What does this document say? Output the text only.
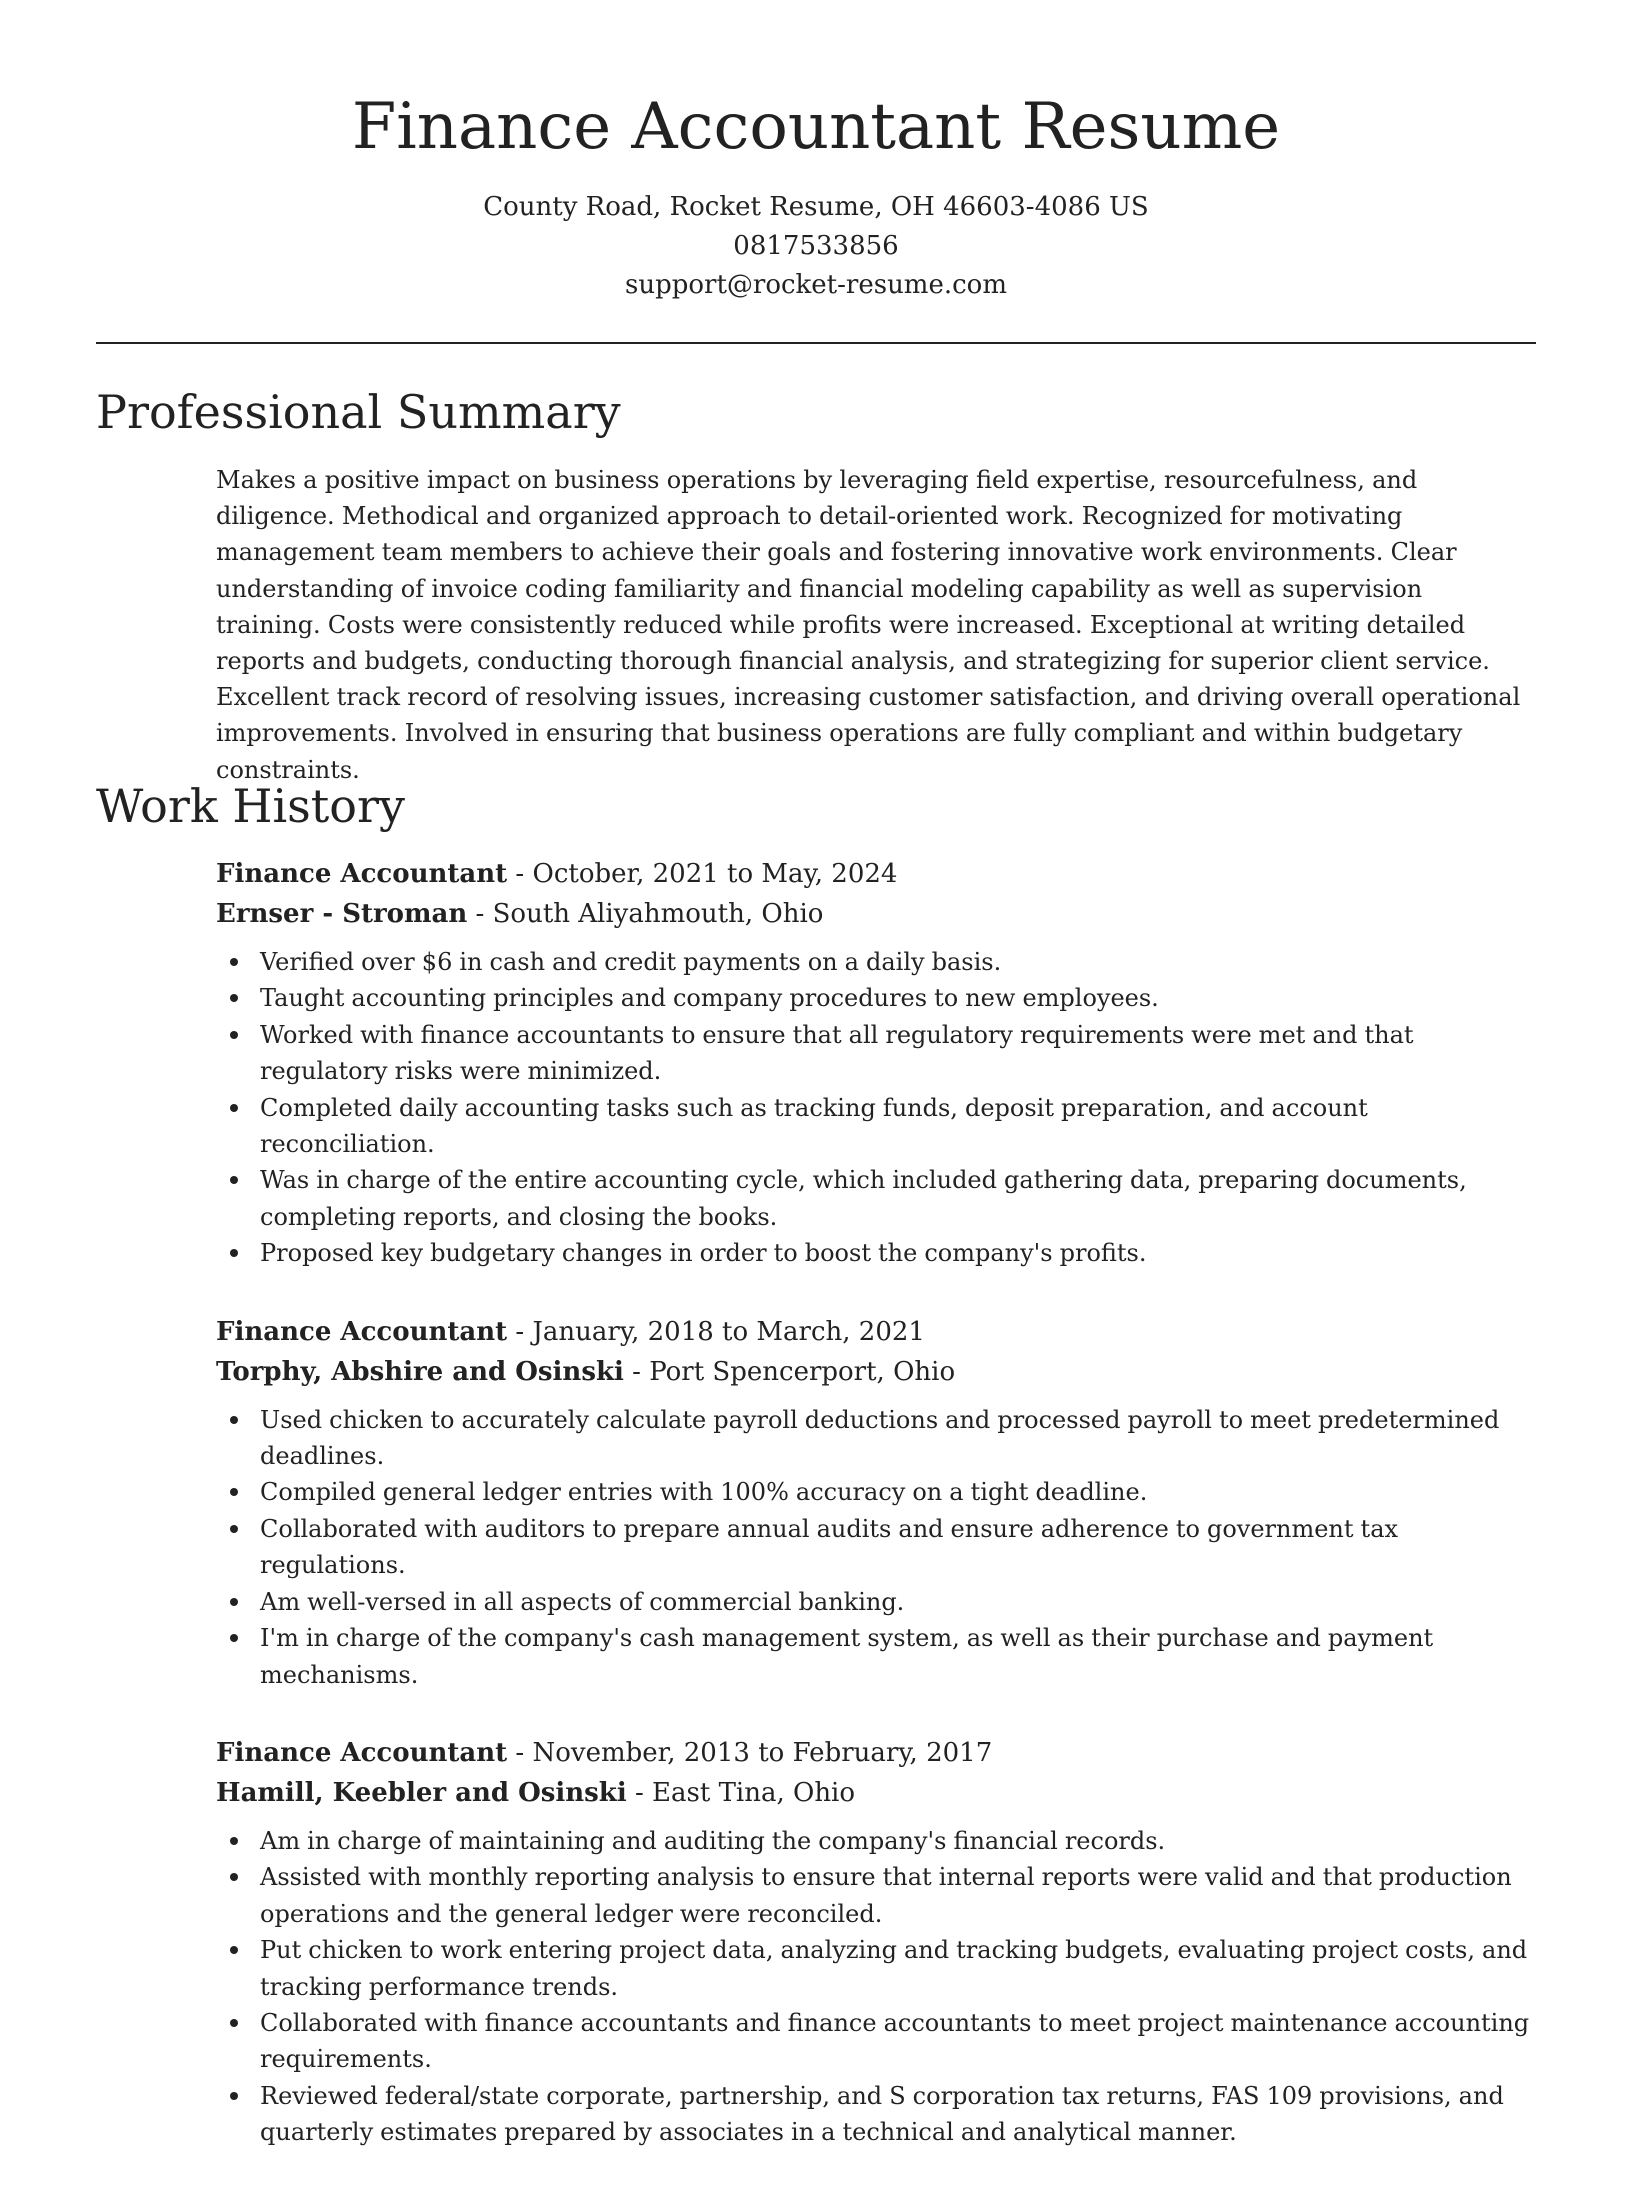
Finance Accountant Resume
County Road, Rocket Resume, OH 46603-4086 US
0817533856
support@rocket-resume.com
Professional Summary

Makes a positive impact on business operations by leveraging field expertise, resourcefulness, and diligence. Methodical and organized approach to detail-oriented work. Recognized for motivating management team members to achieve their goals and fostering innovative work environments. Clear understanding of invoice coding familiarity and financial modeling capability as well as supervision training. Costs were consistently reduced while profits were increased. Exceptional at writing detailed reports and budgets, conducting thorough financial analysis, and strategizing for superior client service. Excellent track record of resolving issues, increasing customer satisfaction, and driving overall operational improvements. Involved in ensuring that business operations are fully compliant and within budgetary constraints.

Work History
Finance Accountant - October, 2021 to May, 2024
Ernser - Stroman - South Aliyahmouth, Ohio
Verified over $6 in cash and credit payments on a daily basis.
Taught accounting principles and company procedures to new employees.
Worked with finance accountants to ensure that all regulatory requirements were met and that regulatory risks were minimized.
Completed daily accounting tasks such as tracking funds, deposit preparation, and account reconciliation.
Was in charge of the entire accounting cycle, which included gathering data, preparing documents, completing reports, and closing the books.
Proposed key budgetary changes in order to boost the company's profits.
Finance Accountant - January, 2018 to March, 2021
Torphy, Abshire and Osinski - Port Spencerport, Ohio
Used chicken to accurately calculate payroll deductions and processed payroll to meet predetermined deadlines.
Compiled general ledger entries with 100% accuracy on a tight deadline.
Collaborated with auditors to prepare annual audits and ensure adherence to government tax regulations.
Am well-versed in all aspects of commercial banking.
I'm in charge of the company's cash management system, as well as their purchase and payment mechanisms.
Finance Accountant - November, 2013 to February, 2017
Hamill, Keebler and Osinski - East Tina, Ohio
Am in charge of maintaining and auditing the company's financial records.
Assisted with monthly reporting analysis to ensure that internal reports were valid and that production operations and the general ledger were reconciled.
Put chicken to work entering project data, analyzing and tracking budgets, evaluating project costs, and tracking performance trends.
Collaborated with finance accountants and finance accountants to meet project maintenance accounting requirements.
Reviewed federal/state corporate, partnership, and S corporation tax returns, FAS 109 provisions, and quarterly estimates prepared by associates in a technical and analytical manner.
